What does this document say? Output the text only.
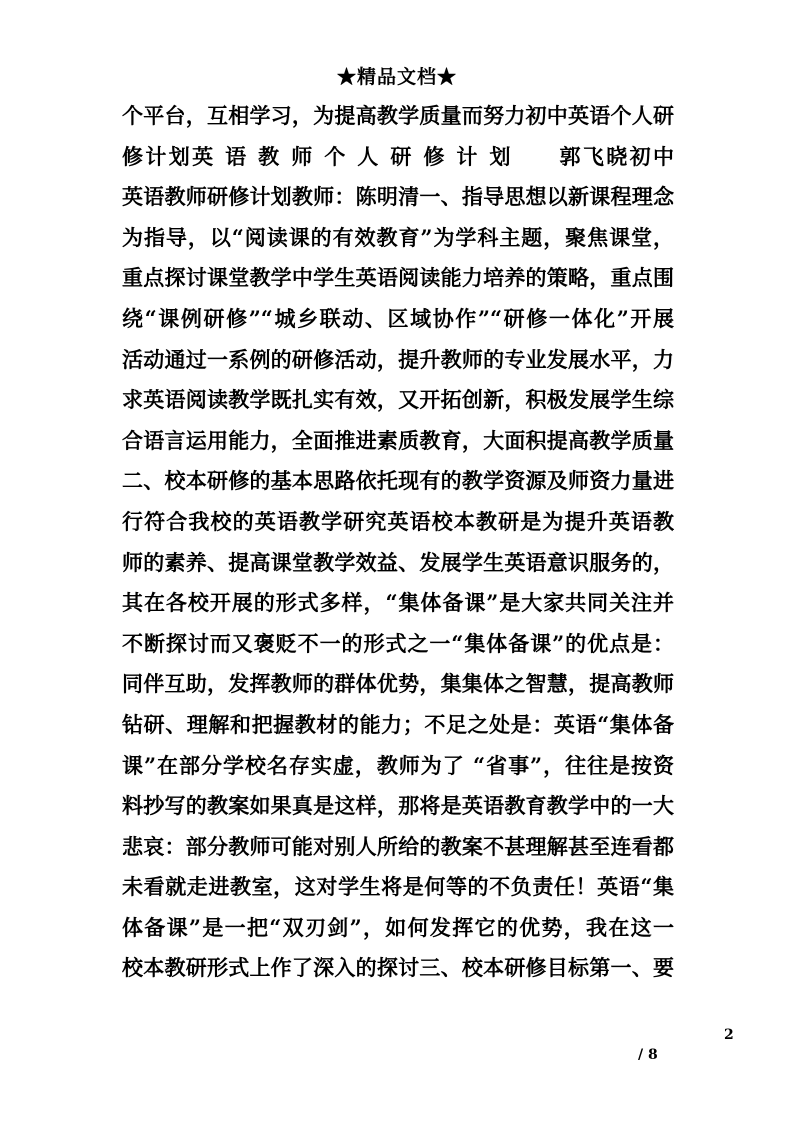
★精品文档★
个平台，互相学习，为提高教学质量而努力初中英语个人研
修计划英 语 教 师 个 人 研 修 计 划　　郭飞晓初中
英语教师研修计划教师：陈明清一、指导思想以新课程理念
为指导，以“阅读课的有效教育”为学科主题，聚焦课堂，
重点探讨课堂教学中学生英语阅读能力培养的策略，重点围
绕“课例研修”“城乡联动、区域协作”“研修一体化”开展
活动通过一系例的研修活动，提升教师的专业发展水平，力
求英语阅读教学既扎实有效，又开拓创新，积极发展学生综
合语言运用能力，全面推进素质教育，大面积提高教学质量
二、校本研修的基本思路依托现有的教学资源及师资力量进
行符合我校的英语教学研究英语校本教研是为提升英语教
师的素养、提高课堂教学效益、发展学生英语意识服务的，
其在各校开展的形式多样，“集体备课”是大家共同关注并
不断探讨而又褒贬不一的形式之一“集体备课”的优点是：
同伴互助，发挥教师的群体优势，集集体之智慧，提高教师
钻研、理解和把握教材的能力；不足之处是：英语“集体备
课”在部分学校名存实虚，教师为了 “省事”，往往是按资
料抄写的教案如果真是这样，那将是英语教育教学中的一大
悲哀：部分教师可能对别人所给的教案不甚理解甚至连看都
未看就走进教室，这对学生将是何等的不负责任！英语“集
体备课”是一把“双刃剑”，如何发挥它的优势，我在这一
校本教研形式上作了深入的探讨三、校本研修目标第一、要
2
/ 8
